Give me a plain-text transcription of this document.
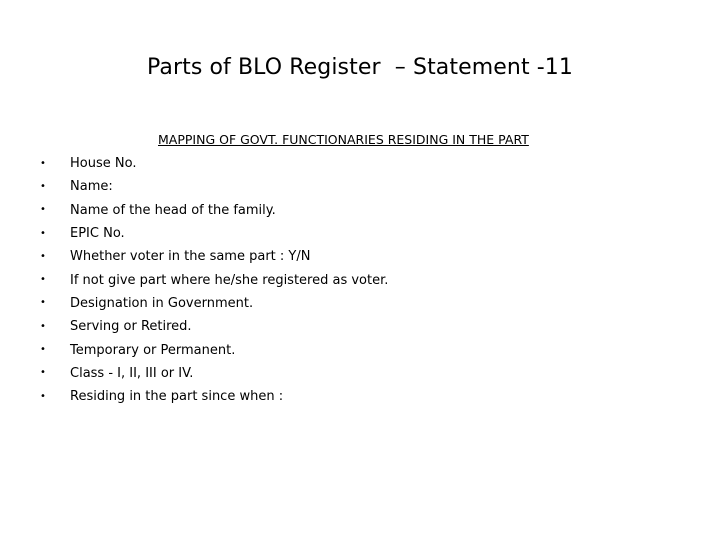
Parts of BLO Register  – Statement -11
MAPPING OF GOVT. FUNCTIONARIES RESIDING IN THE PART
•	House No.
•	Name:
•	Name of the head of the family.
•	EPIC No.
•	Whether voter in the same part : Y/N
•	If not give part where he/she registered as voter.
•	Designation in Government.
•	Serving or Retired.
•	Temporary or Permanent.
•	Class - I, II, III or IV.
•	Residing in the part since when :
